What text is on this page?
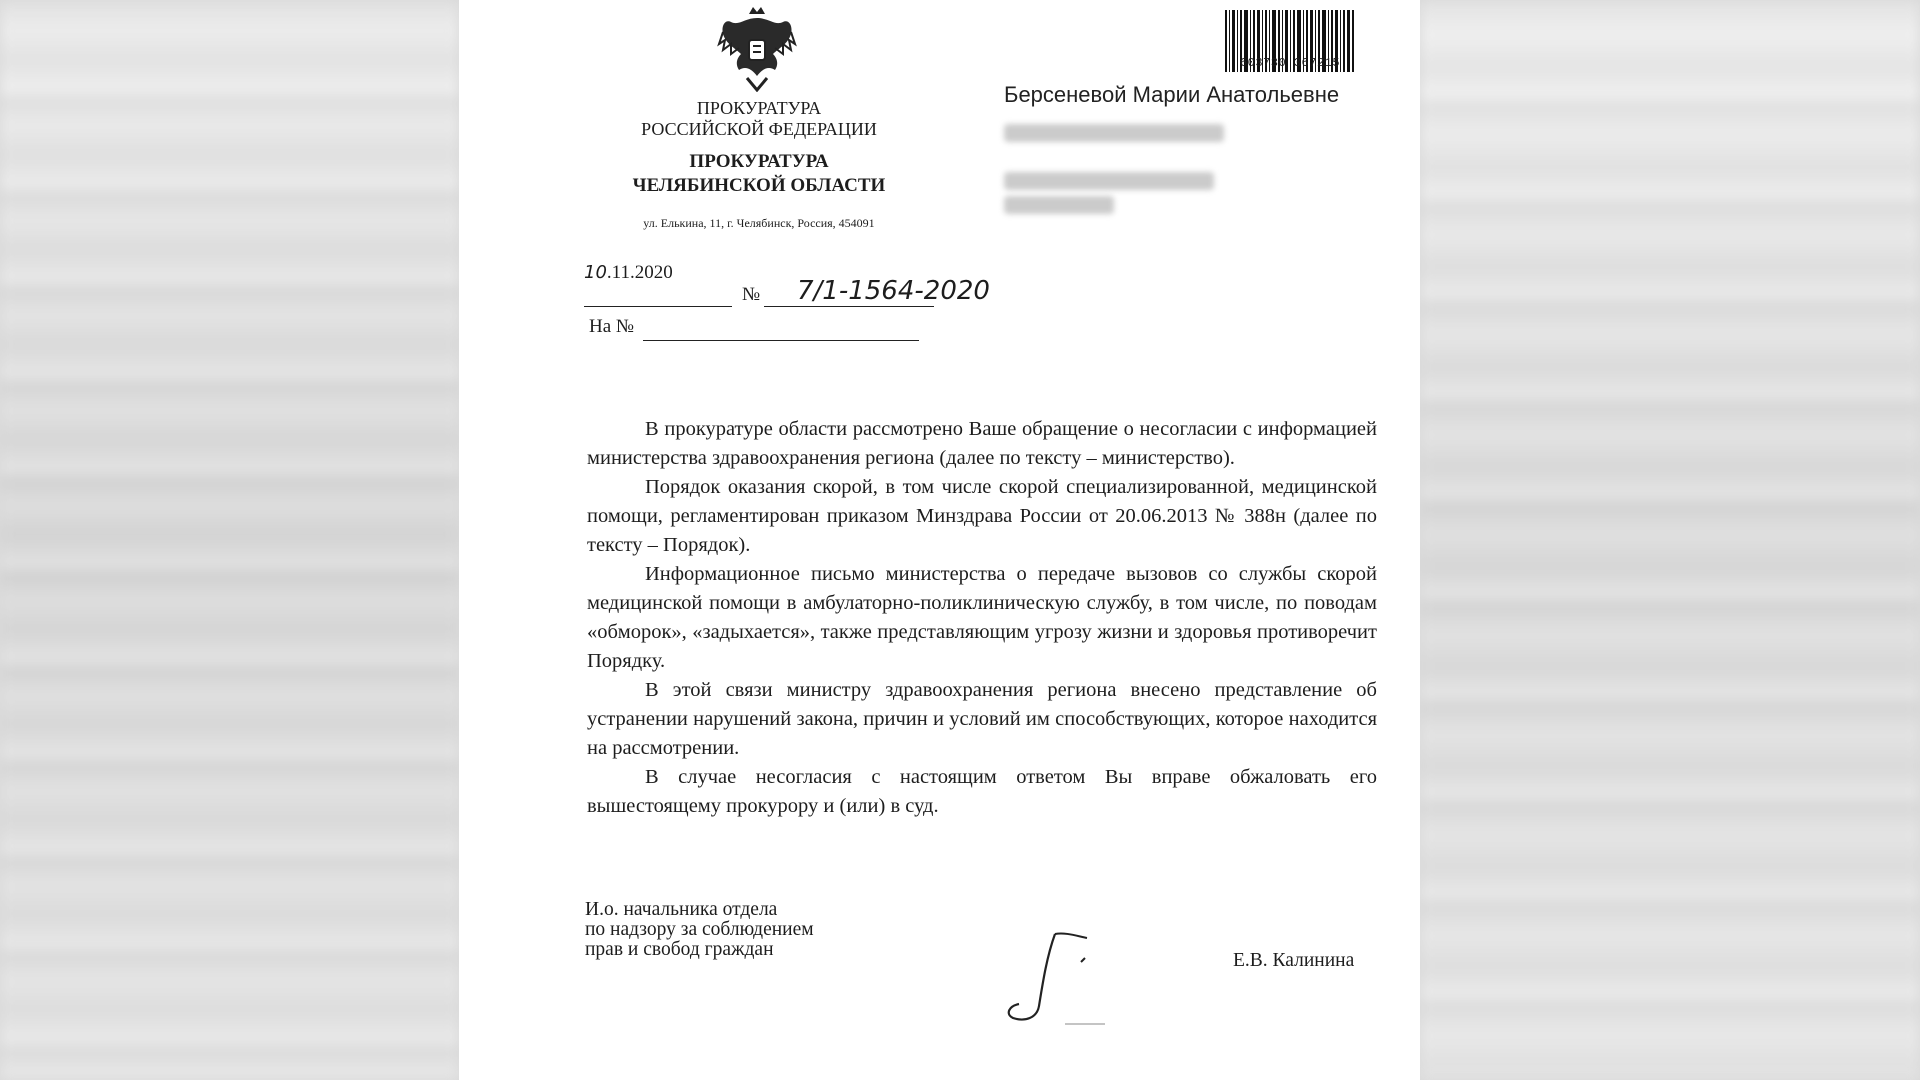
ПРОКУРАТУРА
РОССИЙСКОЙ ФЕДЕРАЦИИ
ПРОКУРАТУРА
ЧЕЛЯБИНСКОЙ ОБЛАСТИ
ул. Елькина, 11, г. Челябинск, Россия, 454091
603730 367215
Берсеневой Марии Анатольевне
10.11.2020
№ 7/1-1564-2020
На №

В прокуратуре области рассмотрено Ваше обращение о несогласии с информацией министерства здравоохранения региона (далее по тексту – министерство).

Порядок оказания скорой, в том числе скорой специализированной, медицинской помощи, регламентирован приказом Минздрава России от 20.06.2013 № 388н (далее по тексту – Порядок).

Информационное письмо министерства о передаче вызовов со службы скорой медицинской помощи в амбулаторно-поликлиническую службу, в том числе, по поводам «обморок», «задыхается», также представляющим угрозу жизни и здоровья противоречит Порядку.

В этой связи министру здравоохранения региона внесено представление об устранении нарушений закона, причин и условий им способствующих, которое находится на рассмотрении.

В случае несогласия с настоящим ответом Вы вправе обжаловать его вышестоящему прокурору и (или) в суд.

И.о. начальника отдела
по надзору за соблюдением
прав и свобод граждан
Е.В. Калинина
